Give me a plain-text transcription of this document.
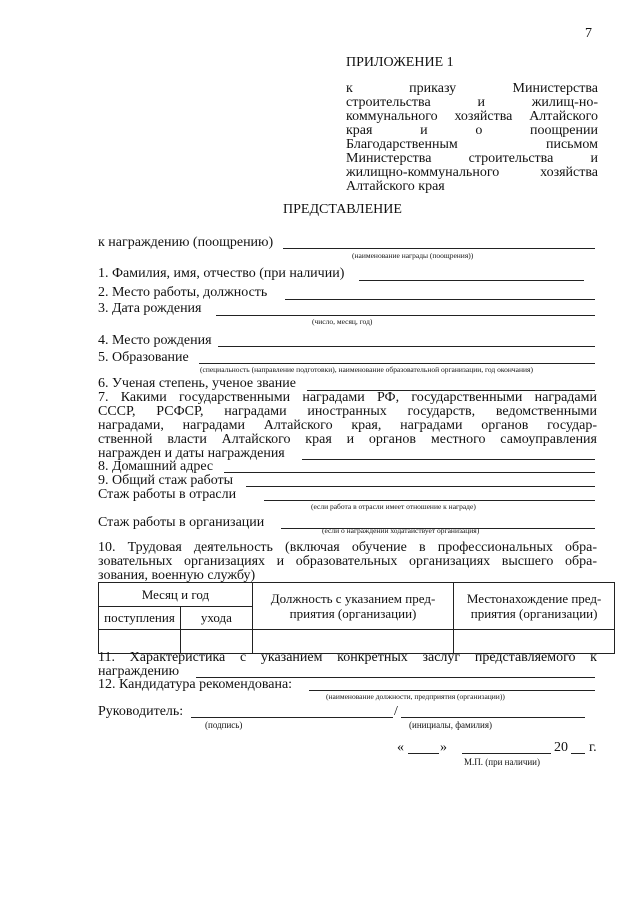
7
ПРИЛОЖЕНИЕ 1
к приказу Министерства
строительства и жилищ-но-
коммунального хозяйства Алтайского
края и о поощрении
Благодарственным письмом
Министерства строительства и
жилищно-коммунального хозяйства
Алтайского края
ПРЕДСТАВЛЕНИЕ
к награждению (поощрению)
(наименование награды (поощрения))
1. Фамилия, имя, отчество (при наличии)
2. Место работы, должность
3. Дата рождения
(число, месяц, год)
4. Место рождения
5. Образование
(специальность (направление подготовки), наименование образовательной организации, год окончания)
6. Ученая степень, ученое звание
7. Какими государственными наградами РФ, государственными наградами
СССР, РСФСР, наградами иностранных государств, ведомственными
наградами, наградами Алтайского края, наградами органов государ-
ственной власти Алтайского края и органов местного самоуправления
награжден и даты награждения
8. Домашний адрес
9. Общий стаж работы
Стаж работы в отрасли
(если работа в отрасли имеет отношение к награде)
Стаж работы в организации
(если о награждении ходатайствует организация)
10. Трудовая деятельность (включая обучение в профессиональных обра-
зовательных организациях и образовательных организациях высшего обра-
зования, военную службу)
Месяц и год		Должность с указанием пред-приятия (организации)	Местонахождение пред-приятия (организации)
поступления	ухода		

11. Характеристика с указанием конкретных заслуг представляемого к
награждению
12. Кандидатура рекомендована:
(наименование должности, предприятия (организации))
Руководитель:	/
(подпись)	(инициалы, фамилия)
«	»	20 г.
М.П. (при наличии)
